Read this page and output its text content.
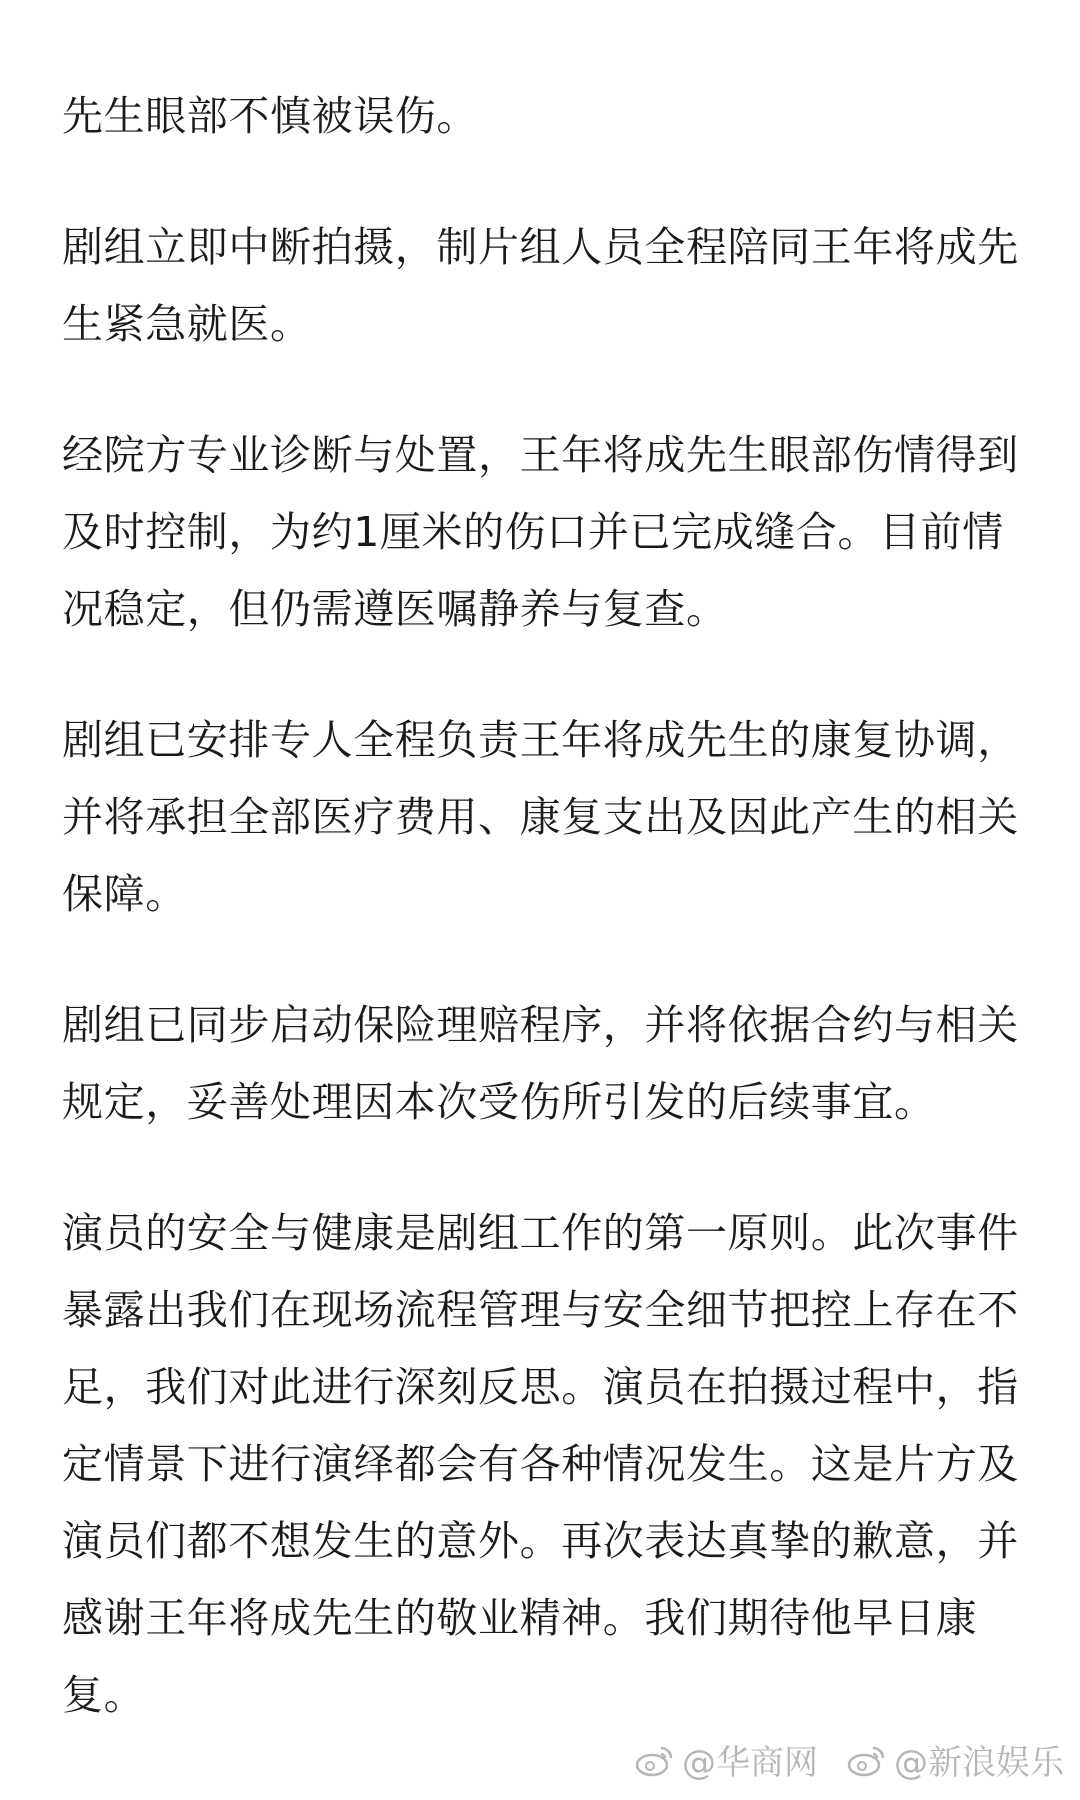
先生眼部不慎被误伤。

剧组立即中断拍摄，制片组人员全程陪同王年将成先生紧急就医。

经院方专业诊断与处置，王年将成先生眼部伤情得到及时控制，为约1厘米的伤口并已完成缝合。目前情况稳定，但仍需遵医嘱静养与复查。

剧组已安排专人全程负责王年将成先生的康复协调，并将承担全部医疗费用、康复支出及因此产生的相关保障。

剧组已同步启动保险理赔程序，并将依据合约与相关规定，妥善处理因本次受伤所引发的后续事宜。

演员的安全与健康是剧组工作的第一原则。此次事件暴露出我们在现场流程管理与安全细节把控上存在不足，我们对此进行深刻反思。演员在拍摄过程中，指定情景下进行演绎都会有各种情况发生。这是片方及演员们都不想发生的意外。再次表达真挚的歉意，并感谢王年将成先生的敬业精神。我们期待他早日康复。

@华商网 @新浪娱乐
